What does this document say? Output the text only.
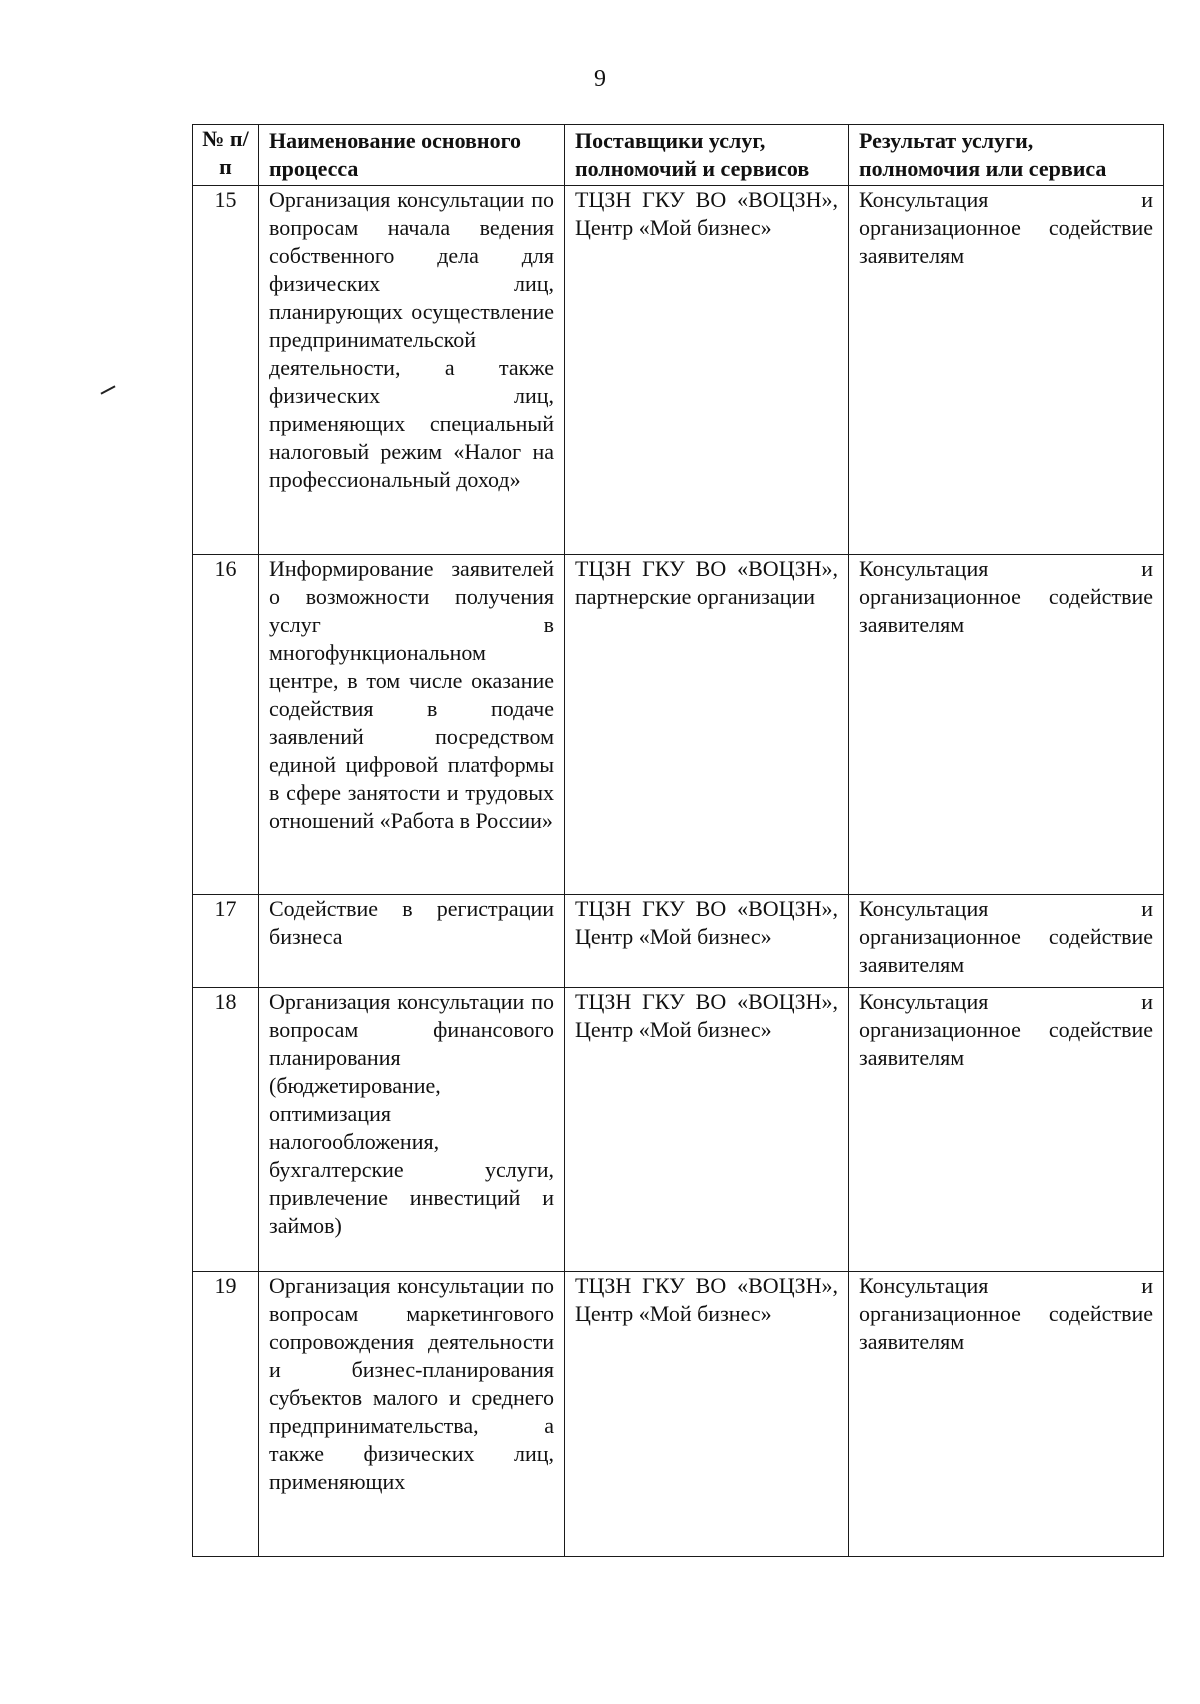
9
№ п/п	Наименование основного процесса	Поставщики услуг, полномочий и сервисов	Результат услуги, полномочия или сервиса
15	Организация консультации по вопросам начала ведения собственного дела для физических лиц, планирующих осуществление предпринимательской деятельности, а также физических лиц, применяющих специальный налоговый режим «Налог на профессиональный доход»	ТЦЗН ГКУ ВО «ВОЦЗН», Центр «Мой бизнес»	Консультация и организационное содействие заявителям
16	Информирование заявителей о возможности получения услуг в многофункциональном центре, в том числе оказание содействия в подаче заявлений посредством единой цифровой платформы в сфере занятости и трудовых отношений «Работа в России»	ТЦЗН ГКУ ВО «ВОЦЗН», партнерские организации	Консультация и организационное содействие заявителям
17	Содействие в регистрации бизнеса	ТЦЗН ГКУ ВО «ВОЦЗН», Центр «Мой бизнес»	Консультация и организационное содействие заявителям
18	Организация консультации по вопросам финансового планирования (бюджетирование, оптимизация налогообложения, бухгалтерские услуги, привлечение инвестиций и займов)	ТЦЗН ГКУ ВО «ВОЦЗН», Центр «Мой бизнес»	Консультация и организационное содействие заявителям
19	Организация консультации по вопросам маркетингового сопровождения деятельности и бизнес-планирования субъектов малого и среднего предпринимательства, а также физических лиц, применяющих	ТЦЗН ГКУ ВО «ВОЦЗН», Центр «Мой бизнес»	Консультация и организационное содействие заявителям
